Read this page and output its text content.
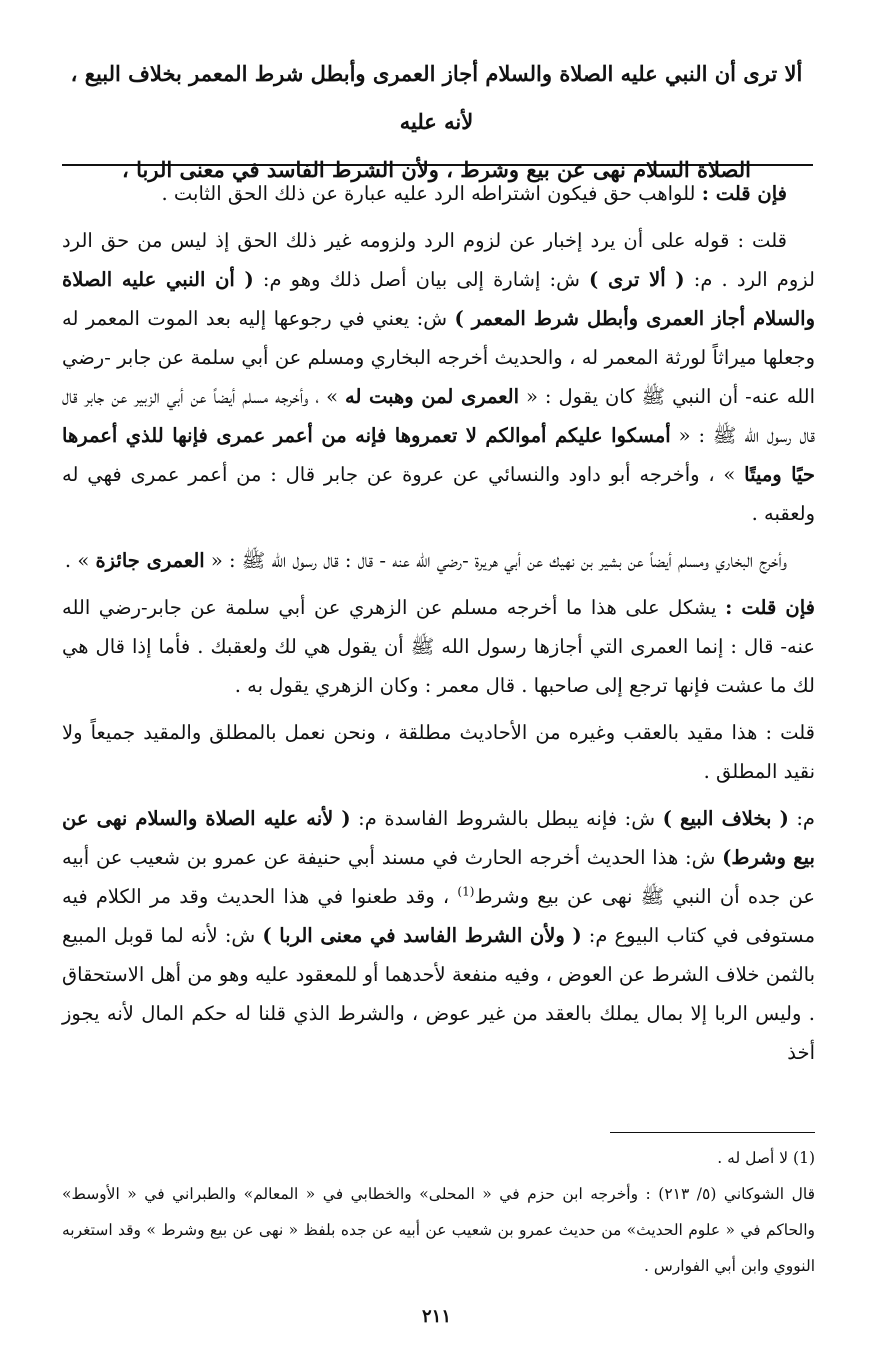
ألا ترى أن النبي عليه الصلاة والسلام أجاز العمرى وأبطل شرط المعمر بخلاف البيع ، لأنه عليه
الصلاة السلام نهى عن بيع وشرط ، ولأن الشرط الفاسد في معنى الربا ،

فإن قلت : للواهب حق فيكون اشتراطه الرد عليه عبارة عن ذلك الحق الثابت .

قلت : قوله على أن يرد إخبار عن لزوم الرد ولزومه غير ذلك الحق إذ ليس من حق الرد لزوم الرد . م: ( ألا ترى ) ش: إشارة إلى بيان أصل ذلك وهو م: ( أن النبي عليه الصلاة والسلام أجاز العمرى وأبطل شرط المعمر ) ش: يعني في رجوعها إليه بعد الموت المعمر له وجعلها ميراثاً لورثة المعمر له ، والحديث أخرجه البخاري ومسلم عن أبي سلمة عن جابر -رضي الله عنه- أن النبي ﷺ كان يقول : « العمرى لمن وهبت له » ، وأخرجه مسلم أيضاً عن أبي الزبير عن جابر قال قال رسول الله ﷺ : « أمسكوا عليكم أموالكم لا تعمروها فإنه من أعمر عمرى فإنها للذي أعمرها حيًا وميتًا » ، وأخرجه أبو داود والنسائي عن عروة عن جابر قال : من أعمر عمرى فهي له ولعقبه .

وأخرج البخاري ومسلم أيضاً عن بشير بن نهيك عن أبي هريرة -رضي الله عنه - قال : قال رسول الله ﷺ : « العمرى جائزة » .

فإن قلت : يشكل على هذا ما أخرجه مسلم عن الزهري عن أبي سلمة عن جابر-رضي الله عنه- قال : إنما العمرى التي أجازها رسول الله ﷺ أن يقول هي لك ولعقبك . فأما إذا قال هي لك ما عشت فإنها ترجع إلى صاحبها . قال معمر : وكان الزهري يقول به .

قلت : هذا مقيد بالعقب وغيره من الأحاديث مطلقة ، ونحن نعمل بالمطلق والمقيد جميعاً ولا نقيد المطلق .

م: ( بخلاف البيع ) ش: فإنه يبطل بالشروط الفاسدة م: ( لأنه عليه الصلاة والسلام نهى عن بيع وشرط) ش: هذا الحديث أخرجه الحارث في مسند أبي حنيفة عن عمرو بن شعيب عن أبيه عن جده أن النبي ﷺ نهى عن بيع وشرط$^{(1)}$ ، وقد طعنوا في هذا الحديث وقد مر الكلام فيه مستوفى في كتاب البيوع م: ( ولأن الشرط الفاسد في معنى الربا ) ش: لأنه لما قوبل المبيع بالثمن خلاف الشرط عن العوض ، وفيه منفعة لأحدهما أو للمعقود عليه وهو من أهل الاستحقاق . وليس الربا إلا بمال يملك بالعقد من غير عوض ، والشرط الذي قلنا له حكم المال لأنه يجوز أخذ

(1) لا أصل له .

قال الشوكاني (٥/ ٢١٣) : وأخرجه ابن حزم في « المحلى» والخطابي في « المعالم» والطبراني في « الأوسط» والحاكم في « علوم الحديث» من حديث عمرو بن شعيب عن أبيه عن جده بلفظ « نهى عن بيع وشرط » وقد استغربه النووي وابن أبي الفوارس .

٢١١
